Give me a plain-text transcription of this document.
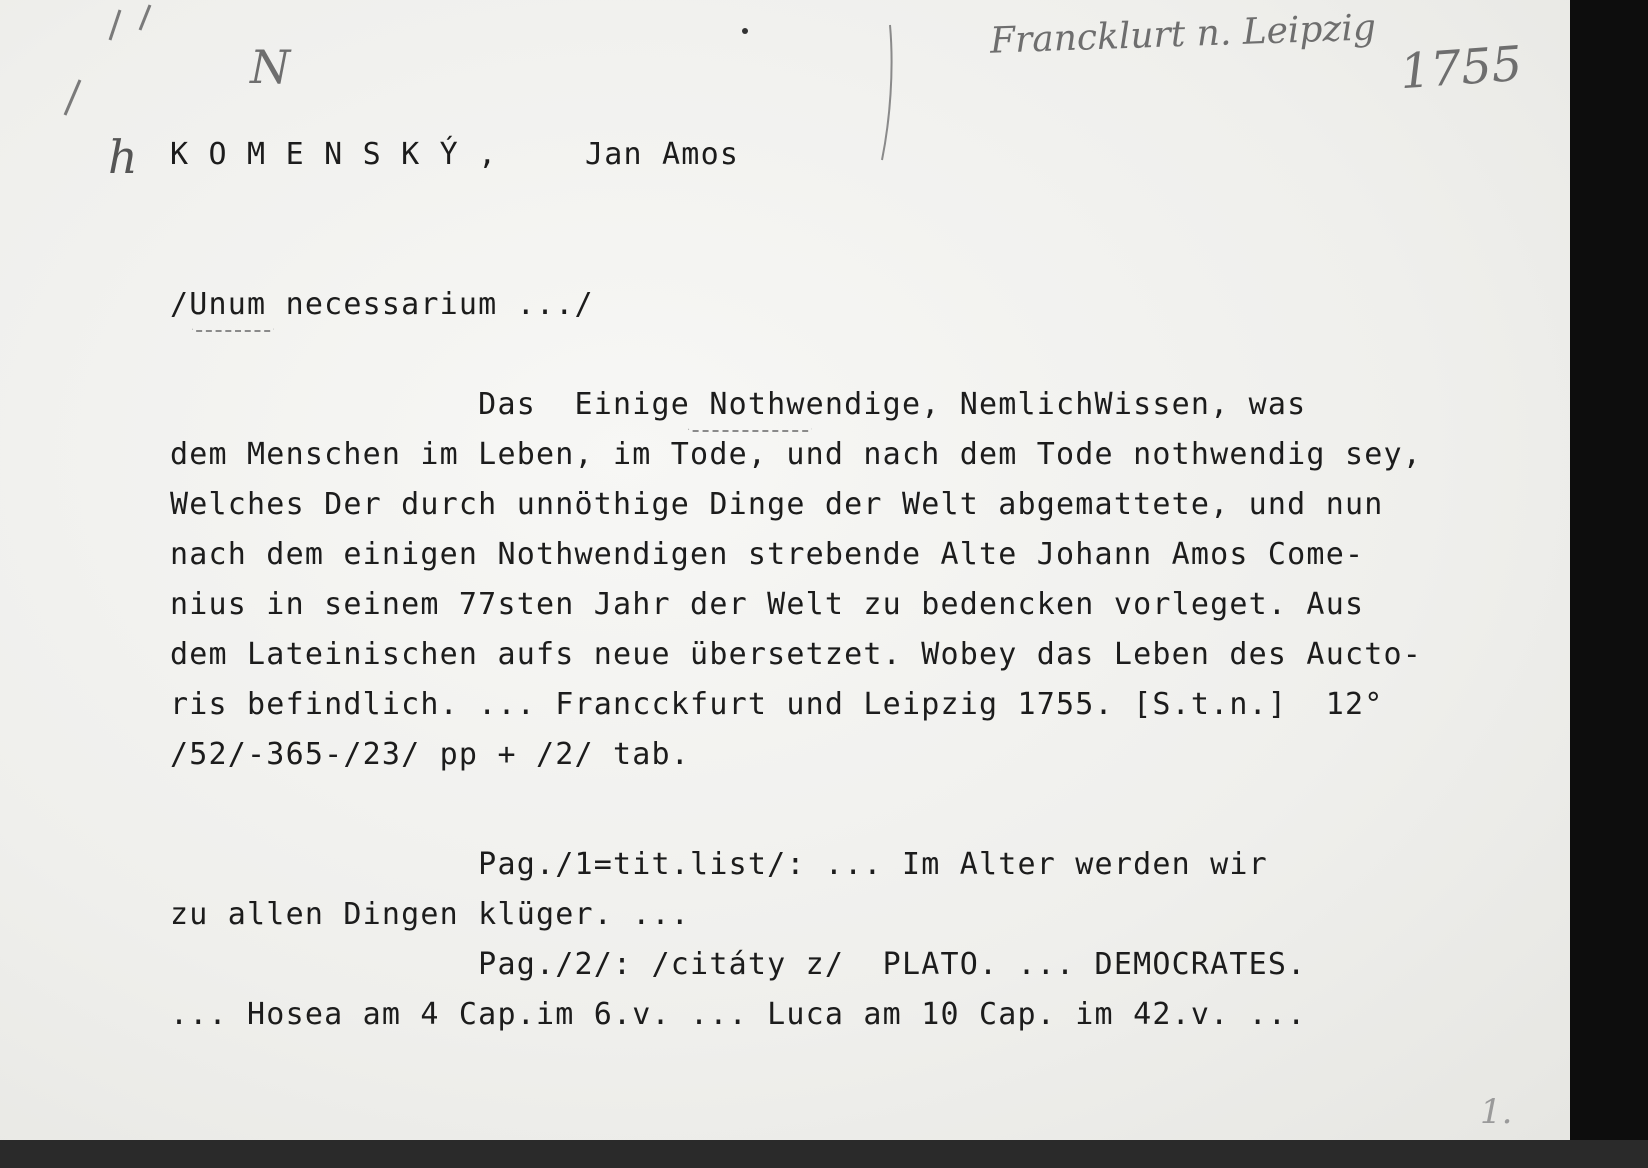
N
h
Francklurt n. Leipzig
1755
K O M E N S K Ý ,	Jan Amos
/Unum necessarium .../
Das  Einige Nothwendige, NemlichWissen, was
dem Menschen im Leben, im Tode, und nach dem Tode nothwendig sey,
Welches Der durch unnöthige Dinge der Welt abgemattete, und nun
nach dem einigen Nothwendigen strebende Alte Johann Amos Come-
nius in seinem 77sten Jahr der Welt zu bedencken vorleget. Aus
dem Lateinischen aufs neue übersetzet. Wobey das Leben des Aucto-
ris befindlich. ... Francckfurt und Leipzig 1755. [S.t.n.]  12°
/52/-365-/23/ pp + /2/ tab.
Pag./1=tit.list/: ... Im Alter werden wir
zu allen Dingen klüger. ...
Pag./2/: /citáty z/  PLATO. ... DEMOCRATES.
... Hosea am 4 Cap.im 6.v. ... Luca am 10 Cap. im 42.v. ...
1.
